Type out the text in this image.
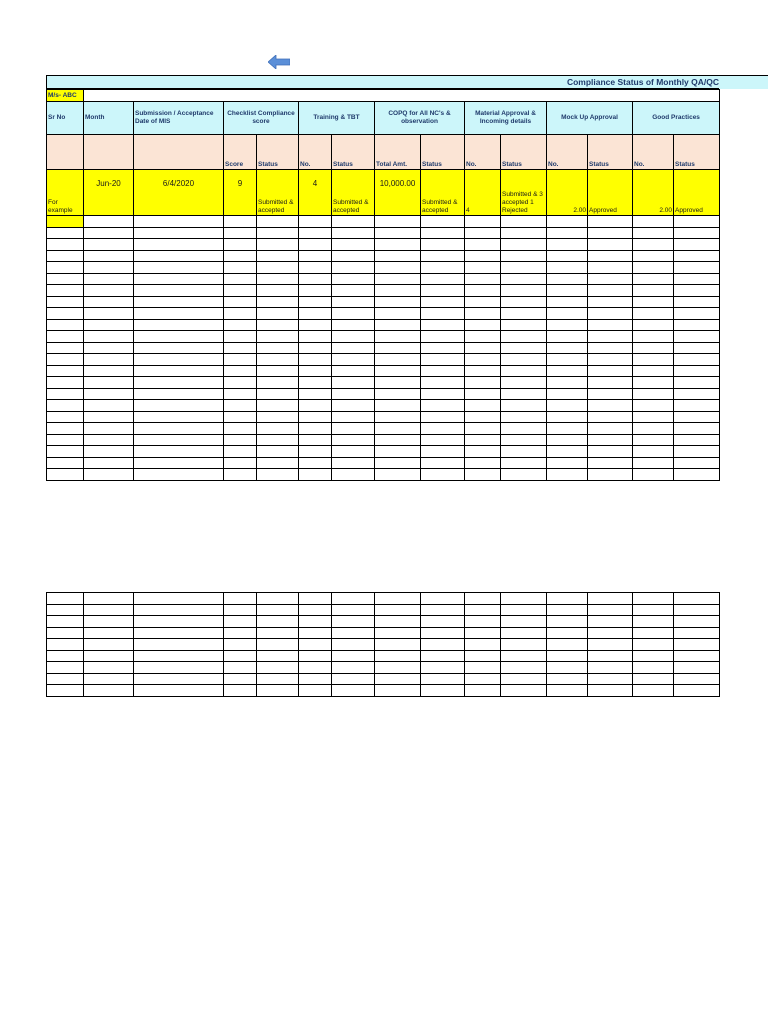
Compliance Status of Monthly QA/QC
M/s- ABC														
Sr No	Month	Submission / Acceptance Date of MIS	Checklist Compliance score		Training & TBT		COPQ for All NC's & observation		Material Approval & Incoming details		Mock Up Approval		Good Practices	
			Score	Status	No.	Status	Total Amt.	Status	No.	Status	No.	Status	No.	Status
For example	Jun-20	6/4/2020	9	Submitted & accepted	4	Submitted & accepted	10,000.00	Submitted & accepted	4	Submitted & 3 accepted 1 Rejected	2.00	Approved	2.00	Approved
